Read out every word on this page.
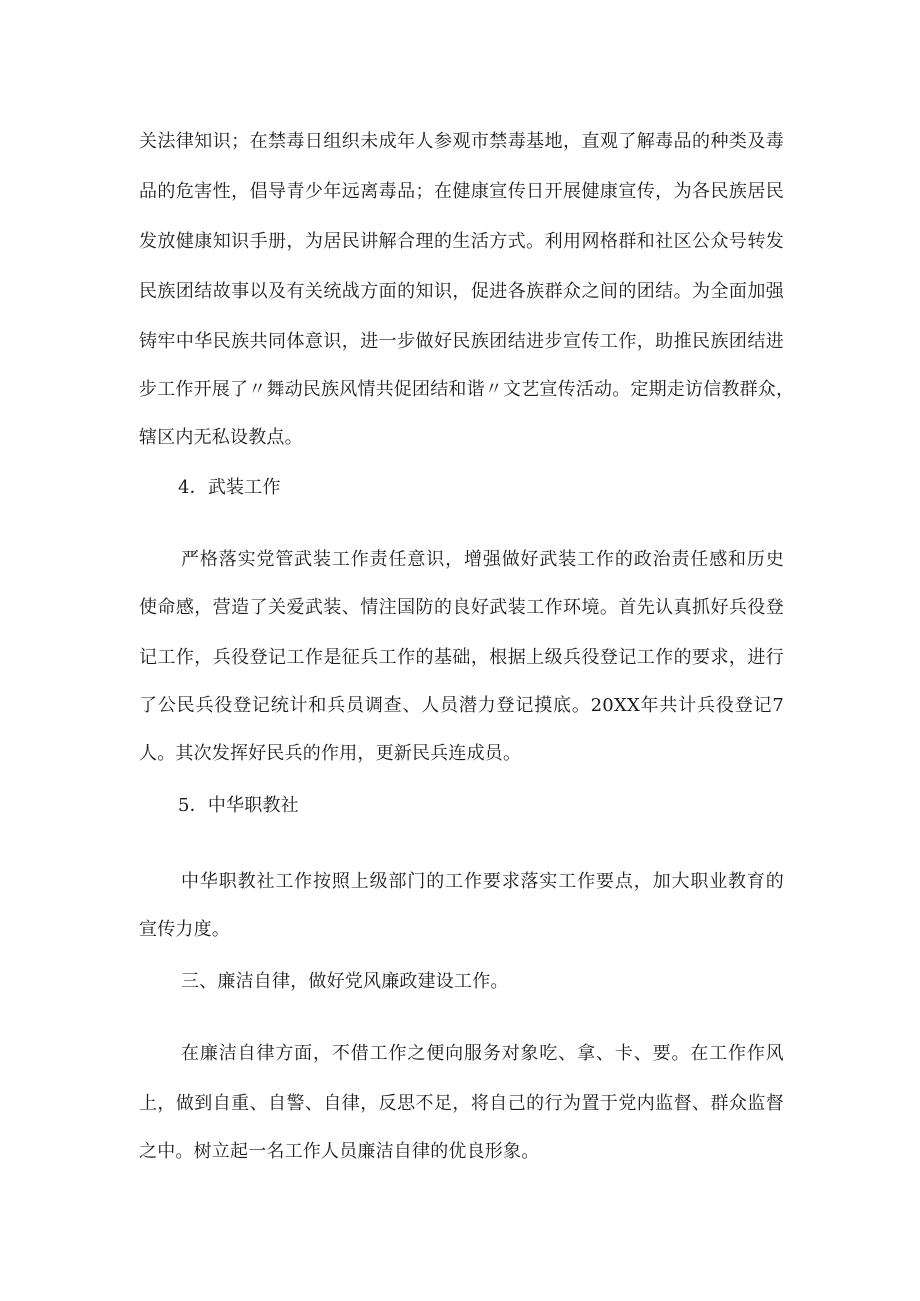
关法律知识；在禁毒日组织未成年人参观市禁毒基地，直观了解毒品的种类及毒
品的危害性，倡导青少年远离毒品；在健康宣传日开展健康宣传，为各民族居民
发放健康知识手册，为居民讲解合理的生活方式。利用网格群和社区公众号转发
民族团结故事以及有关统战方面的知识，促进各族群众之间的团结。为全面加强
铸牢中华民族共同体意识，进一步做好民族团结进步宣传工作，助推民族团结进
步工作开展了〃舞动民族风情共促团结和谐〃文艺宣传活动。定期走访信教群众，
辖区内无私设教点。
4．武装工作
严格落实党管武装工作责任意识，增强做好武装工作的政治责任感和历史
使命感，营造了关爱武装、情注国防的良好武装工作环境。首先认真抓好兵役登
记工作，兵役登记工作是征兵工作的基础，根据上级兵役登记工作的要求，进行
了公民兵役登记统计和兵员调查、人员潜力登记摸底。20XX年共计兵役登记7
人。其次发挥好民兵的作用，更新民兵连成员。
5．中华职教社
中华职教社工作按照上级部门的工作要求落实工作要点，加大职业教育的
宣传力度。
三、廉洁自律，做好党风廉政建设工作。
在廉洁自律方面，不借工作之便向服务对象吃、拿、卡、要。在工作作风
上，做到自重、自警、自律，反思不足，将自己的行为置于党内监督、群众监督
之中。树立起一名工作人员廉洁自律的优良形象。
